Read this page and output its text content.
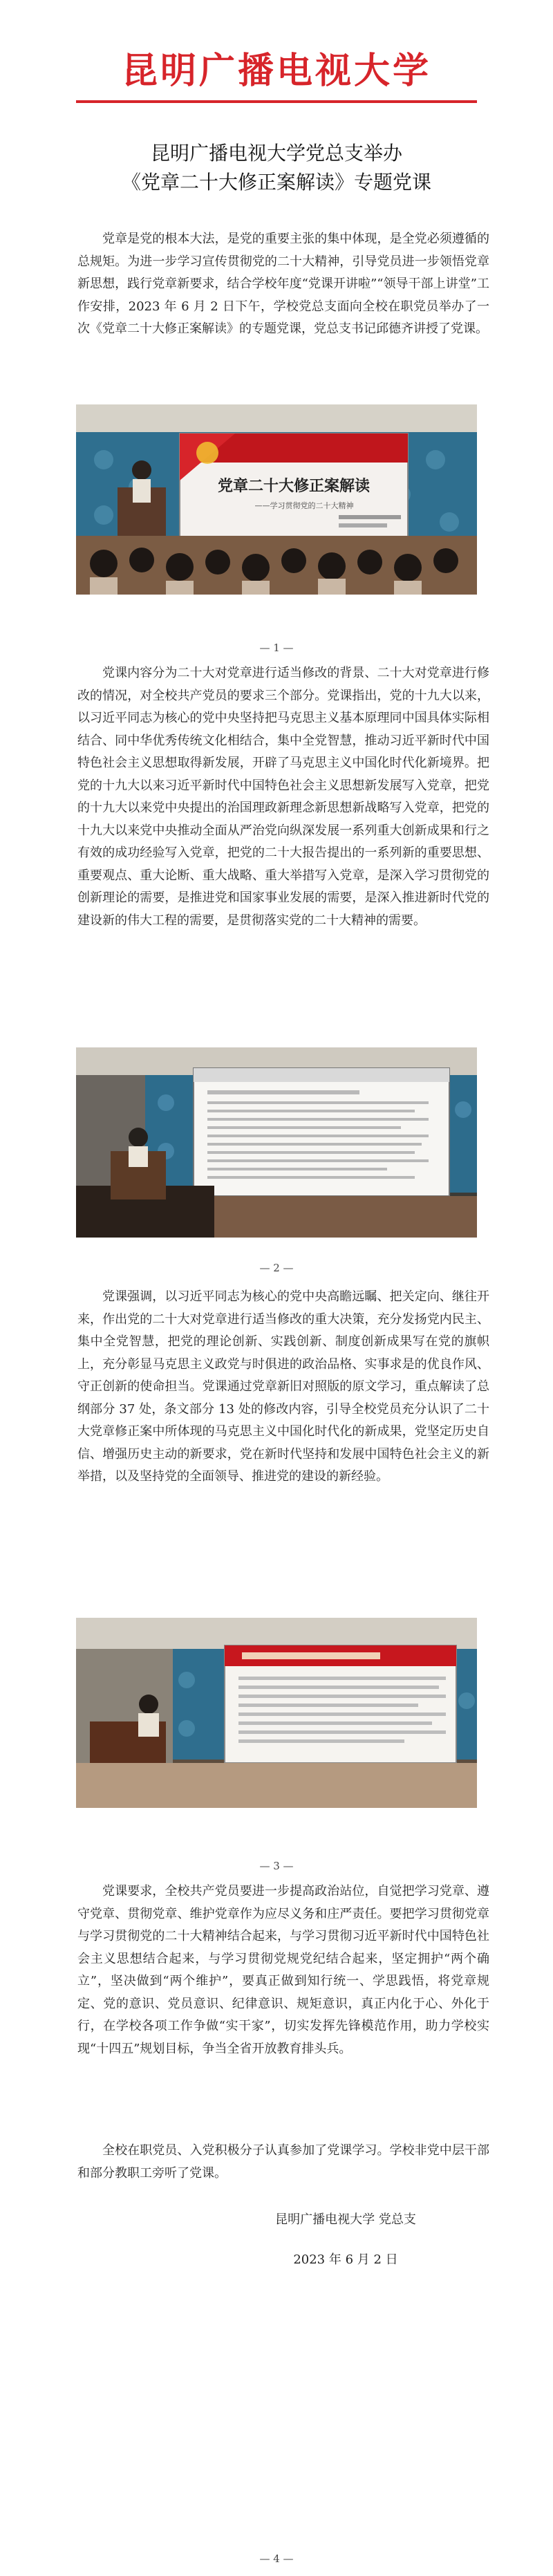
昆明广播电视大学
昆明广播电视大学党总支举办
《党章二十大修正案解读》专题党课

党章是党的根本大法，是党的重要主张的集中体现，是全党必须遵循的总规矩。为进一步学习宣传贯彻党的二十大精神，引导党员进一步领悟党章新思想，践行党章新要求，结合学校年度“党课开讲啦”“领导干部上讲堂”工作安排，2023 年 6 月 2 日下午，学校党总支面向全校在职党员举办了一次《党章二十大修正案解读》的专题党课，党总支书记邱德齐讲授了党课。

党章二十大修正案解读
——学习贯彻党的二十大精神
— 1 —

党课内容分为二十大对党章进行适当修改的背景、二十大对党章进行修改的情况，对全校共产党员的要求三个部分。党课指出，党的十九大以来，以习近平同志为核心的党中央坚持把马克思主义基本原理同中国具体实际相结合、同中华优秀传统文化相结合，集中全党智慧，推动习近平新时代中国特色社会主义思想取得新发展，开辟了马克思主义中国化时代化新境界。把党的十九大以来习近平新时代中国特色社会主义思想新发展写入党章，把党的十九大以来党中央提出的治国理政新理念新思想新战略写入党章，把党的十九大以来党中央推动全面从严治党向纵深发展一系列重大创新成果和行之有效的成功经验写入党章，把党的二十大报告提出的一系列新的重要思想、重要观点、重大论断、重大战略、重大举措写入党章，是深入学习贯彻党的创新理论的需要，是推进党和国家事业发展的需要，是深入推进新时代党的建设新的伟大工程的需要，是贯彻落实党的二十大精神的需要。

— 2 —

党课强调，以习近平同志为核心的党中央高瞻远瞩、把关定向、继往开来，作出党的二十大对党章进行适当修改的重大决策，充分发扬党内民主、集中全党智慧，把党的理论创新、实践创新、制度创新成果写在党的旗帜上，充分彰显马克思主义政党与时俱进的政治品格、实事求是的优良作风、守正创新的使命担当。党课通过党章新旧对照版的原文学习，重点解读了总纲部分 37 处，条文部分 13 处的修改内容，引导全校党员充分认识了二十大党章修正案中所体现的马克思主义中国化时代化的新成果，党坚定历史自信、增强历史主动的新要求，党在新时代坚持和发展中国特色社会主义的新举措，以及坚持党的全面领导、推进党的建设的新经验。

— 3 —

党课要求，全校共产党员要进一步提高政治站位，自觉把学习党章、遵守党章、贯彻党章、维护党章作为应尽义务和庄严责任。要把学习贯彻党章与学习贯彻党的二十大精神结合起来，与学习贯彻习近平新时代中国特色社会主义思想结合起来，与学习贯彻党规党纪结合起来，坚定拥护“两个确立”，坚决做到“两个维护”，要真正做到知行统一、学思践悟，将党章规定、党的意识、党员意识、纪律意识、规矩意识，真正内化于心、外化于行，在学校各项工作争做“实干家”，切实发挥先锋模范作用，助力学校实现“十四五”规划目标，争当全省开放教育排头兵。

全校在职党员、入党积极分子认真参加了党课学习。学校非党中层干部和部分教职工旁听了党课。

昆明广播电视大学 党总支
2023 年 6 月 2 日
— 4 —
